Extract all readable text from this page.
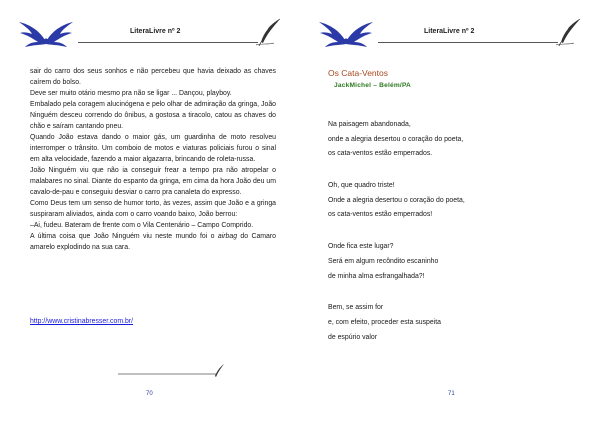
LiteraLivre nº 2

sair do carro dos seus sonhos e não percebeu que havia deixado as chaves caírem do bolso.

Deve ser muito otário mesmo pra não se ligar ... Dançou, playboy.

Embalado pela coragem alucinógena e pelo olhar de admiração da gringa, João Ninguém desceu correndo do ônibus, a gostosa a tiracolo, catou as chaves do chão e saíram cantando pneu.

Quando João estava dando o maior gás, um guardinha de moto resolveu interromper o trânsito. Um comboio de motos e viaturas policiais furou o sinal em alta velocidade, fazendo a maior algazarra, brincando de roleta-russa.

João Ninguém viu que não ia conseguir frear a tempo pra não atropelar o malabares no sinal. Diante do espanto da gringa, em cima da hora João deu um cavalo-de-pau e conseguiu desviar o carro pra canaleta do expresso.

Como Deus tem um senso de humor torto, às vezes, assim que João e a gringa suspiraram aliviados, ainda com o carro voando baixo, João berrou:

–Ai, fudeu. Bateram de frente com o Vila Centenário – Campo Comprido.

A última coisa que João Ninguém viu neste mundo foi o airbag do Camaro amarelo explodindo na sua cara.

http://www.cristinabresser.com.br/
70
LiteraLivre nº 2
71
Os Cata-Ventos
JackMichel – Belém/PA
Na paisagem abandonada,
onde a alegria desertou o coração do poeta,
os cata-ventos estão emperrados.
Oh, que quadro triste!
Onde a alegria desertou o coração do poeta,
os cata-ventos estão emperrados!
Onde fica este lugar?
Será em algum recôndito escaninho
de minha alma esfrangalhada?!
Bem, se assim for
e, com efeito, proceder esta suspeita
de espúrio valor
